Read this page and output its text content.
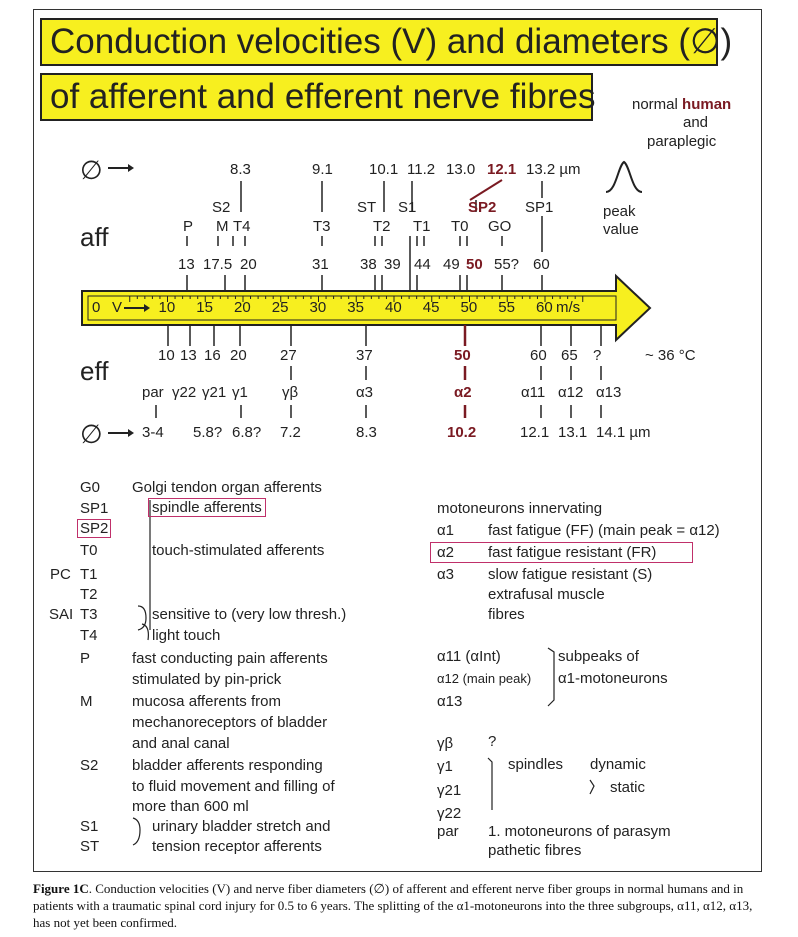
Conduction velocities (V) and diameters (∅)
of afferent and efferent nerve fibres normal human
and
paraplegic
aff
eff
∅
∅
~ 36 °C
peak
value
0 V 10 15 20 25 30 35 40 45 50 55 60 m/s
8.3	9.1 10.1 11.2 13.0 12.1 13.2 µm
S2	ST S1	SP2 SP1
P M T4	T3	T2 T1 T0 GO
13 17.5 20	31 38 39 44 49 50 55? 60
10 13 16 20 27	37	50	60 65 ?
par γ22 γ21 γ1 γβ	α3	α2	α11 α12 α13
3-4 5.8? 6.8? 7.2	8.3	10.2	12.1 13.1 14.1 µm
G0 Golgi tendon organ afferents
SP1	spindle afferents
SP2
T0	touch-stimulated afferents
PC T1
T2
SAI T3	sensitive to (very low thresh.)
T4	light touch
P	fast conducting pain afferents
stimulated by pin-prick
M	mucosa afferents from
mechanoreceptors of bladder
and anal canal
S2 bladder afferents responding
to fluid movement and filling of
more than 600 ml
S1	urinary bladder stretch and
ST	tension receptor afferents
motoneurons innervating
α1 fast fatigue (FF) (main peak = α12)
α2 fast fatigue resistant (FR)
α3 slow fatigue resistant (S)
extrafusal muscle
fibres
α11 (αInt)
α12 (main peak)
α13
subpeaks of
α1-motoneurons
γβ ?
γ1	spindles dynamic
γ21	static
γ22
par 1. motoneurons of parasym
pathetic fibres
Figure 1C. Conduction velocities (V) and nerve fiber diameters (∅) of afferent and efferent nerve fiber groups in normal humans and in patients with a traumatic spinal cord injury for 0.5 to 6 years. The splitting of the α1-motoneurons into the three subgroups, α11, α12, α13, has not yet been confirmed.
